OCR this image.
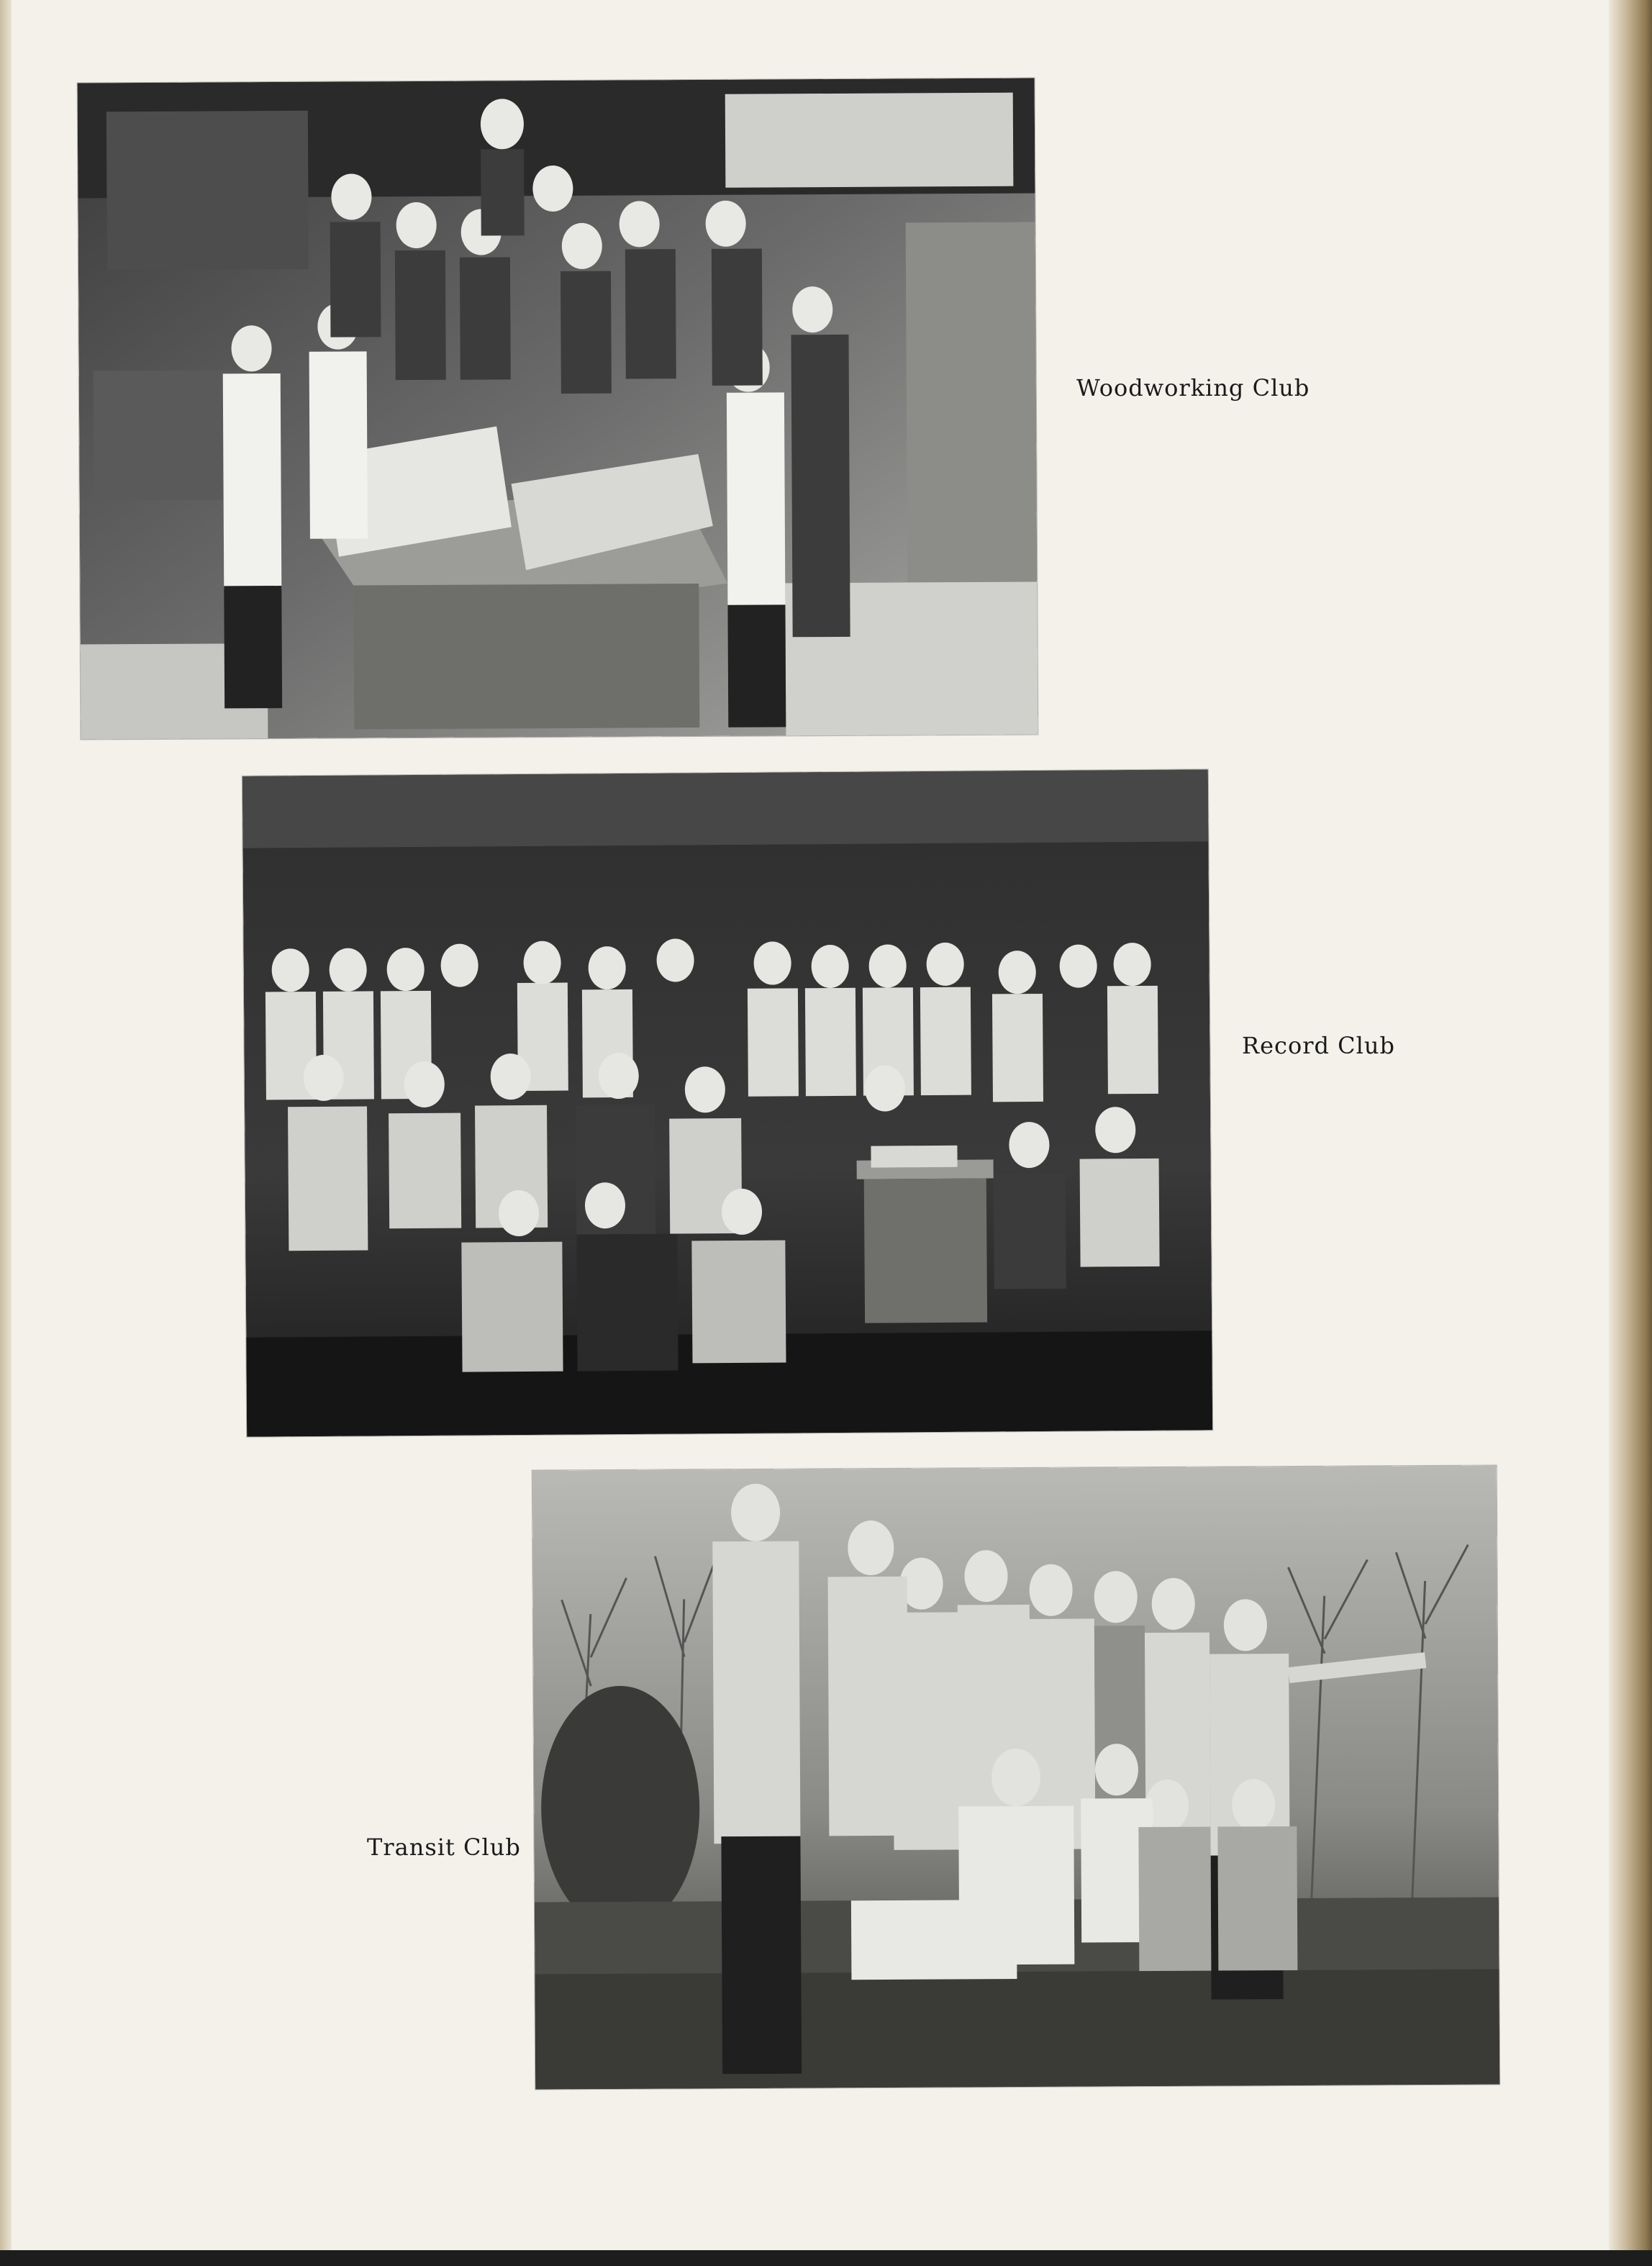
Woodworking Club
Record Club
Transit Club
